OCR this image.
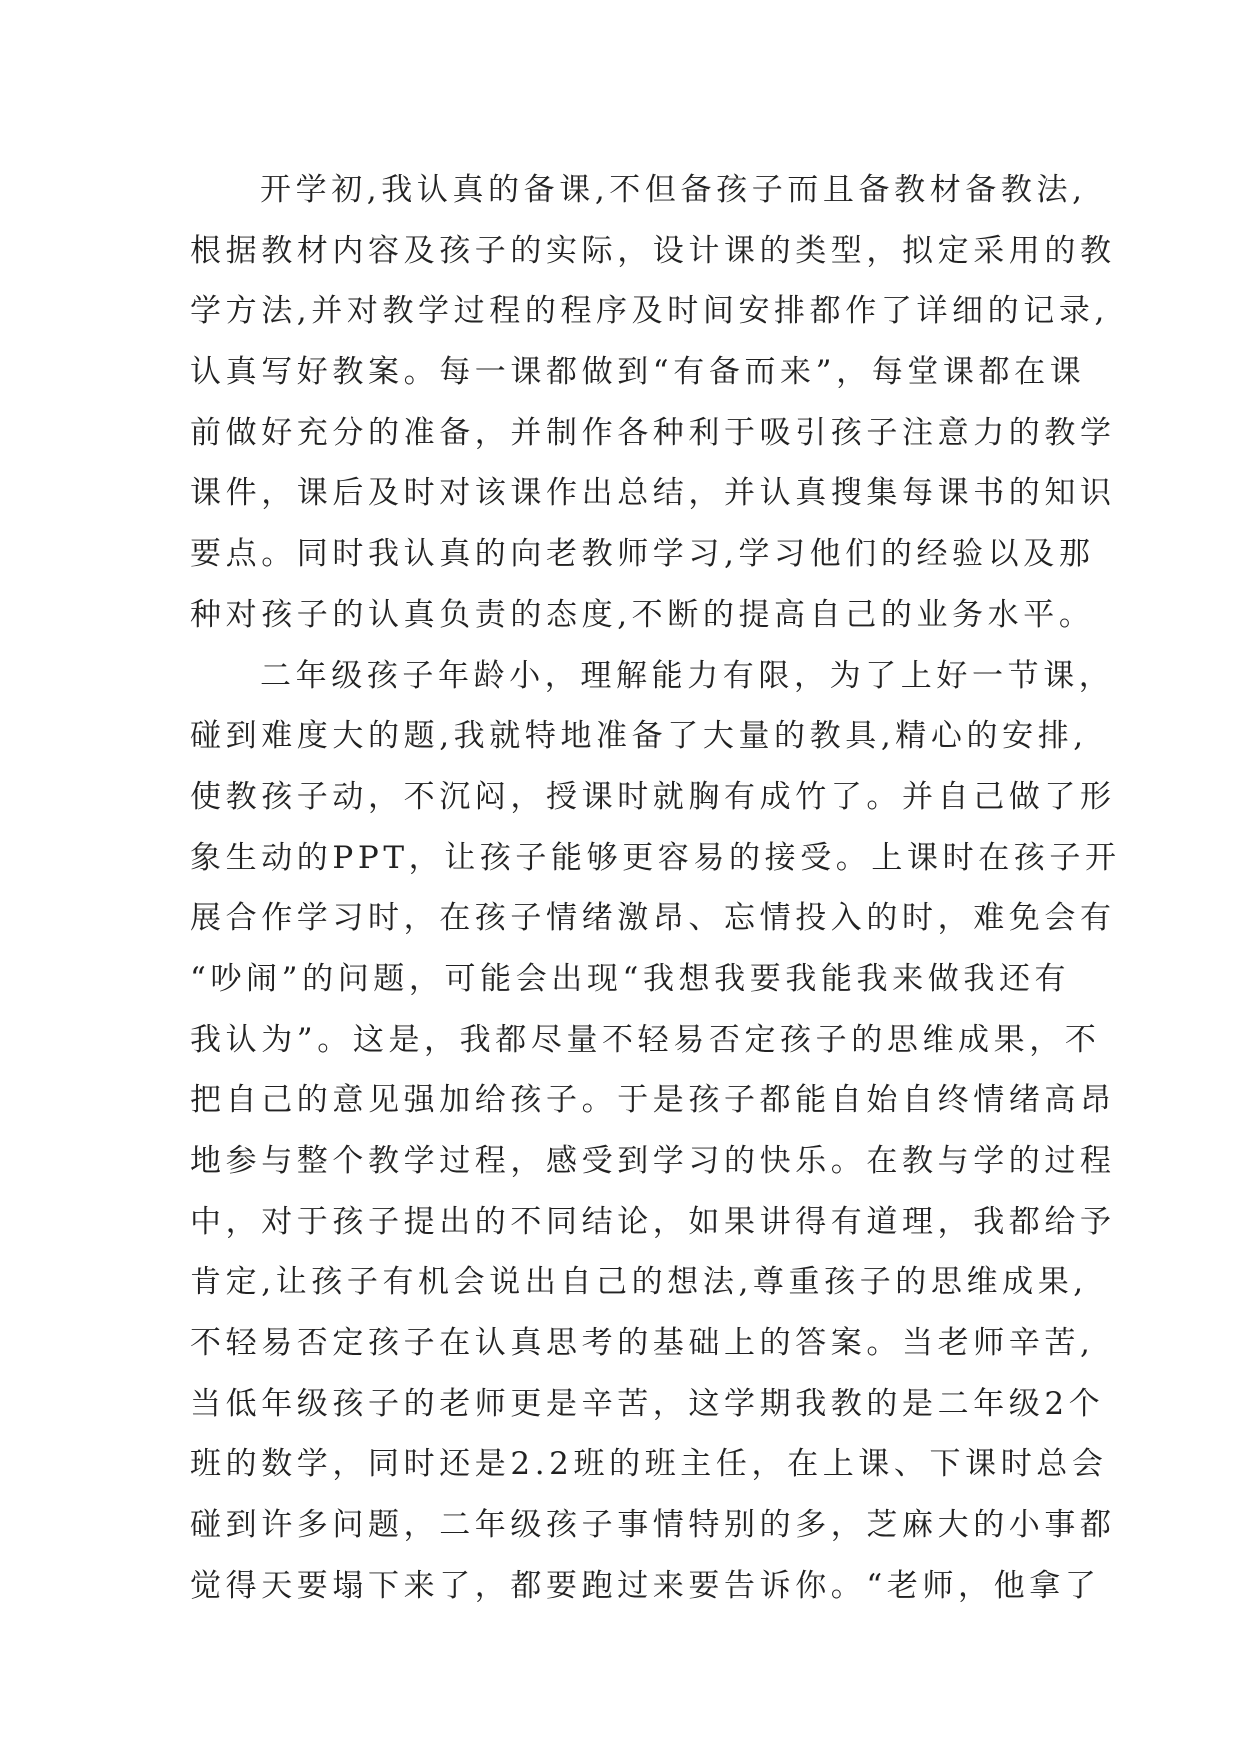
开学初,我认真的备课,不但备孩子而且备教材备教法,
根据教材内容及孩子的实际，设计课的类型，拟定采用的教
学方法,并对教学过程的程序及时间安排都作了详细的记录,
认真写好教案。每一课都做到“有备而来”，每堂课都在课
前做好充分的准备，并制作各种利于吸引孩子注意力的教学
课件，课后及时对该课作出总结，并认真搜集每课书的知识
要点。同时我认真的向老教师学习,学习他们的经验以及那
种对孩子的认真负责的态度,不断的提高自己的业务水平。
二年级孩子年龄小，理解能力有限，为了上好一节课，
碰到难度大的题,我就特地准备了大量的教具,精心的安排,
使教孩子动，不沉闷，授课时就胸有成竹了。并自己做了形
象生动的PPT，让孩子能够更容易的接受。上课时在孩子开
展合作学习时，在孩子情绪激昂、忘情投入的时，难免会有
“吵闹”的问题，可能会出现“我想我要我能我来做我还有
我认为”。这是，我都尽量不轻易否定孩子的思维成果，不
把自己的意见强加给孩子。于是孩子都能自始自终情绪高昂
地参与整个教学过程，感受到学习的快乐。在教与学的过程
中，对于孩子提出的不同结论，如果讲得有道理，我都给予
肯定,让孩子有机会说出自己的想法,尊重孩子的思维成果,
不轻易否定孩子在认真思考的基础上的答案。当老师辛苦,
当低年级孩子的老师更是辛苦，这学期我教的是二年级2个
班的数学，同时还是2.2班的班主任，在上课、下课时总会
碰到许多问题，二年级孩子事情特别的多，芝麻大的小事都
觉得天要塌下来了，都要跑过来要告诉你。“老师，他拿了
